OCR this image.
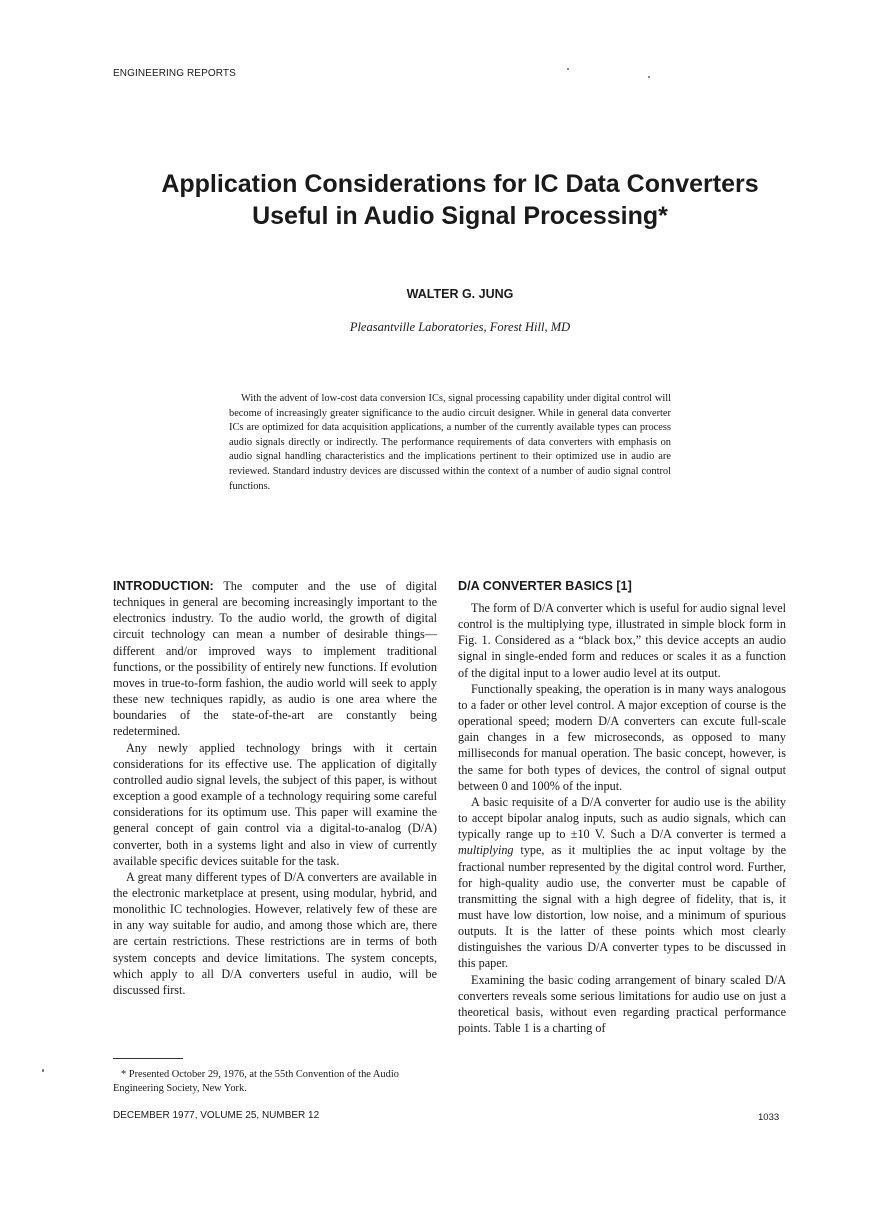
ENGINEERING REPORTS
Application Considerations for IC Data Converters
Useful in Audio Signal Processing*
WALTER G. JUNG
Pleasantville Laboratories, Forest Hill, MD

With the advent of low-cost data conversion ICs, signal processing capability under digital control will become of increasingly greater significance to the audio circuit designer. While in general data converter ICs are optimized for data acquisition applications, a number of the currently available types can process audio signals directly or indirectly. The performance requirements of data converters with emphasis on audio signal handling characteristics and the implications pertinent to their optimized use in audio are reviewed. Standard industry devices are discussed within the context of a number of audio signal control functions.

INTRODUCTION: The computer and the use of digital techniques in general are becoming increasingly important to the electronics industry. To the audio world, the growth of digital circuit technology can mean a number of desirable things—different and/or improved ways to implement traditional functions, or the possibility of entirely new functions. If evolution moves in true-to-form fashion, the audio world will seek to apply these new techniques rapidly, as audio is one area where the boundaries of the state-of-the-art are constantly being redetermined.

Any newly applied technology brings with it certain considerations for its effective use. The application of digitally controlled audio signal levels, the subject of this paper, is without exception a good example of a technology requiring some careful considerations for its optimum use. This paper will examine the general concept of gain control via a digital-to-analog (D/A) converter, both in a systems light and also in view of currently available specific devices suitable for the task.

A great many different types of D/A converters are available in the electronic marketplace at present, using modular, hybrid, and monolithic IC technologies. However, relatively few of these are in any way suitable for audio, and among those which are, there are certain restrictions. These restrictions are in terms of both system concepts and device limitations. The system concepts, which apply to all D/A converters useful in audio, will be discussed first.

* Presented October 29, 1976, at the 55th Convention of the Audio Engineering Society, New York.

D/A CONVERTER BASICS [1]

The form of D/A converter which is useful for audio signal level control is the multiplying type, illustrated in simple block form in Fig. 1. Considered as a “black box,” this device accepts an audio signal in single-ended form and reduces or scales it as a function of the digital input to a lower audio level at its output.

Functionally speaking, the operation is in many ways analogous to a fader or other level control. A major exception of course is the operational speed; modern D/A converters can excute full-scale gain changes in a few microseconds, as opposed to many milliseconds for manual operation. The basic concept, however, is the same for both types of devices, the control of signal output between 0 and 100% of the input.

A basic requisite of a D/A converter for audio use is the ability to accept bipolar analog inputs, such as audio signals, which can typically range up to ±10 V. Such a D/A converter is termed a multiplying type, as it multiplies the ac input voltage by the fractional number represented by the digital control word. Further, for high-quality audio use, the converter must be capable of transmitting the signal with a high degree of fidelity, that is, it must have low distortion, low noise, and a minimum of spurious outputs. It is the latter of these points which most clearly distinguishes the various D/A converter types to be discussed in this paper.

Examining the basic coding arrangement of binary scaled D/A converters reveals some serious limitations for audio use on just a theoretical basis, without even regarding practical performance points. Table 1 is a charting of

DECEMBER 1977, VOLUME 25, NUMBER 12	1033
